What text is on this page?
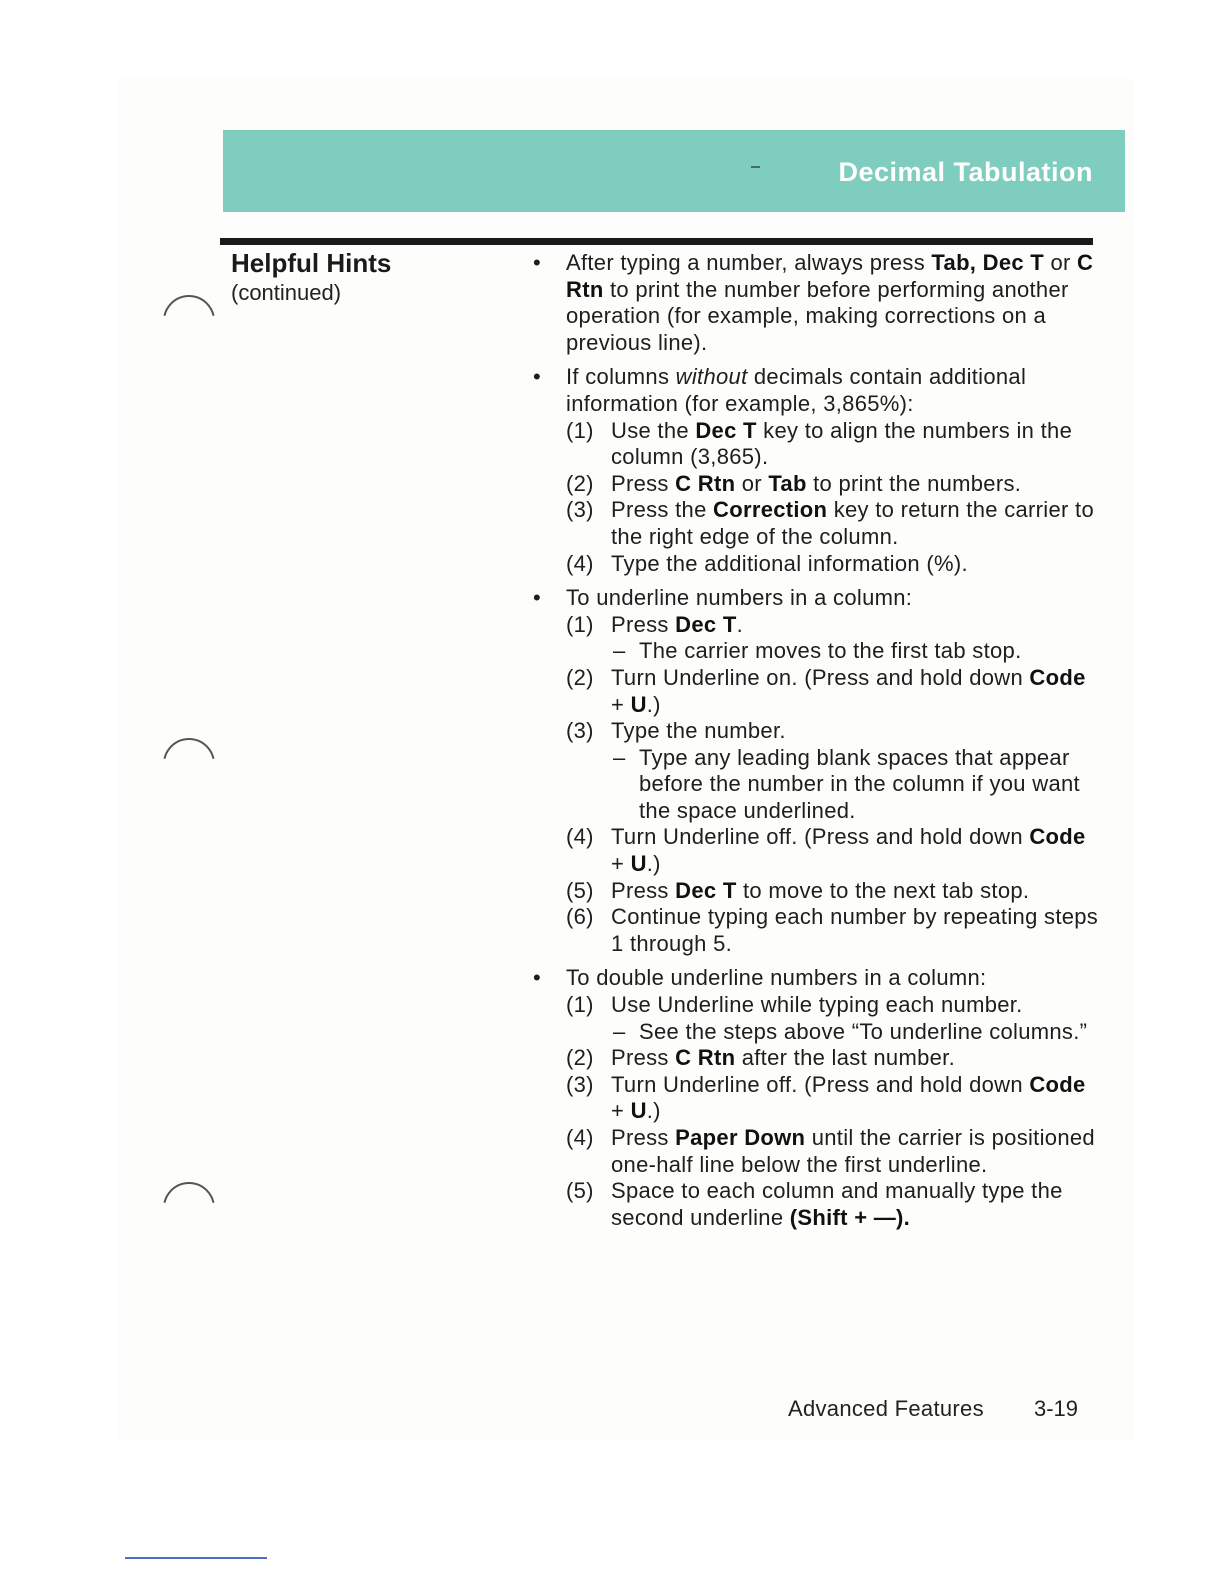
Decimal Tabulation
Helpful Hints
(continued)
• After typing a number, always press Tab, Dec T or C Rtn to print the number before performing another operation (for example, making corrections on a previous line).
• If columns without decimals contain additional information (for example, 3,865%):
(1) Use the Dec T key to align the numbers in the column (3,865).
(2) Press C Rtn or Tab to print the numbers.
(3) Press the Correction key to return the carrier to the right edge of the column.
(4) Type the additional information (%).
• To underline numbers in a column:
(1) Press Dec T.
– The carrier moves to the first tab stop.
(2) Turn Underline on. (Press and hold down Code + U.)
(3) Type the number.
– Type any leading blank spaces that appear before the number in the column if you want the space underlined.
(4) Turn Underline off. (Press and hold down Code + U.)
(5) Press Dec T to move to the next tab stop.
(6) Continue typing each number by repeating steps 1 through 5.
• To double underline numbers in a column:
(1) Use Underline while typing each number.
– See the steps above “To underline columns.”
(2) Press C Rtn after the last number.
(3) Turn Underline off. (Press and hold down Code + U.)
(4) Press Paper Down until the carrier is positioned one-half line below the first underline.
(5) Space to each column and manually type the second underline (Shift + —).
Advanced Features 3-19
